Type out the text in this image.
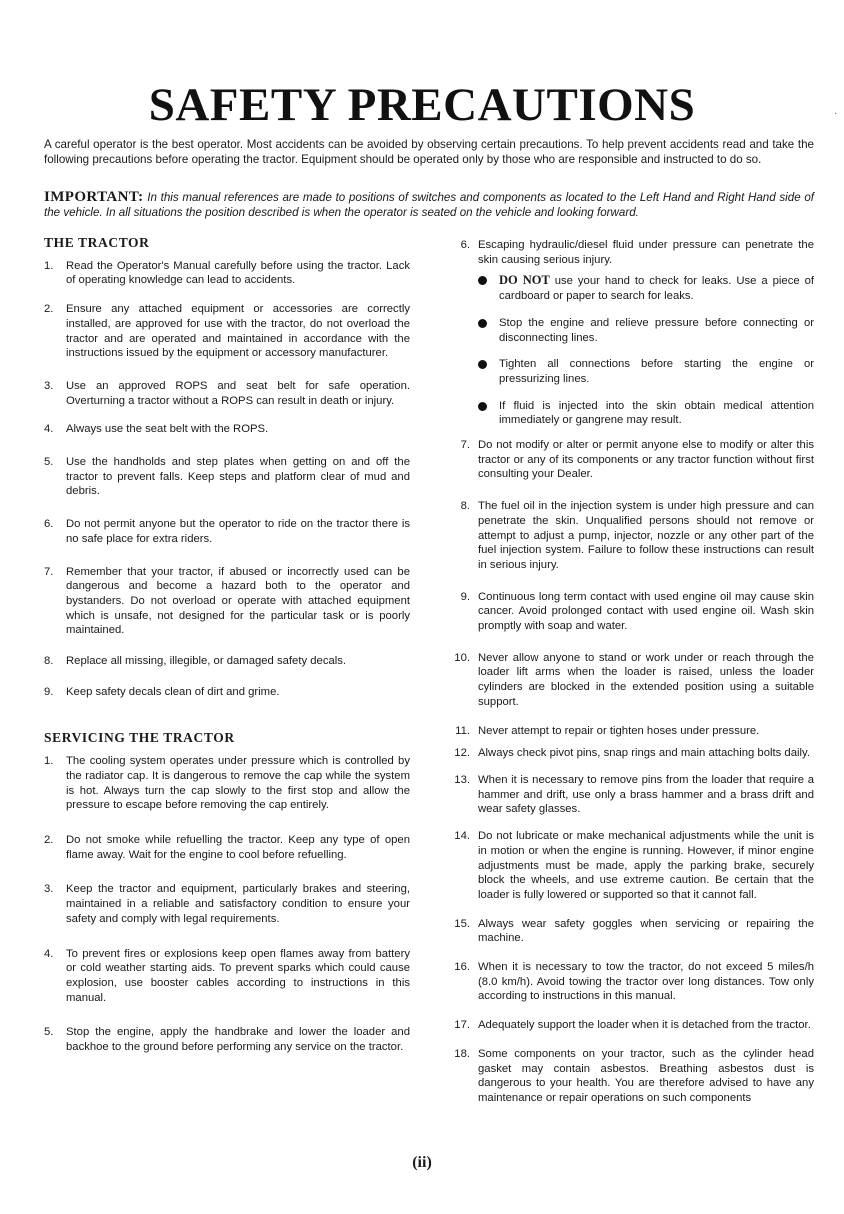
SAFETY PRECAUTIONS	·
A careful operator is the best operator. Most accidents can be avoided by observing certain precautions. To help prevent accidents read and take the following precautions before operating the tractor. Equipment should be operated only by those who are responsible and instructed to do so.
IMPORTANT: In this manual references are made to positions of switches and components as located to the Left Hand and Right Hand side of the vehicle. In all situations the position described is when the operator is seated on the vehicle and looking forward.
THE TRACTOR
1.	Read the Operator's Manual carefully before using the tractor. Lack of operating knowledge can lead to accidents.
2.	Ensure any attached equipment or accessories are correctly installed, are approved for use with the tractor, do not overload the tractor and are operated and maintained in accordance with the instructions issued by the equipment or accessory manufacturer.
3.	Use an approved ROPS and seat belt for safe operation. Overturning a tractor without a ROPS can result in death or injury.
4.	Always use the seat belt with the ROPS.
5.	Use the handholds and step plates when getting on and off the tractor to prevent falls. Keep steps and platform clear of mud and debris.
6.	Do not permit anyone but the operator to ride on the tractor there is no safe place for extra riders.
7.	Remember that your tractor, if abused or incorrectly used can be dangerous and become a hazard both to the operator and bystanders. Do not overload or operate with attached equipment which is unsafe, not designed for the particular task or is poorly maintained.
8.	Replace all missing, illegible, or damaged safety decals.
9.	Keep safety decals clean of dirt and grime.
SERVICING THE TRACTOR
1.	The cooling system operates under pressure which is controlled by the radiator cap. It is dangerous to remove the cap while the system is hot. Always turn the cap slowly to the first stop and allow the pressure to escape before removing the cap entirely.
2.	Do not smoke while refuelling the tractor. Keep any type of open flame away. Wait for the engine to cool before refuelling.
3.	Keep the tractor and equipment, particularly brakes and steering, maintained in a reliable and satisfactory condition to ensure your safety and comply with legal requirements.
4.	To prevent fires or explosions keep open flames away from battery or cold weather starting aids. To prevent sparks which could cause explosion, use booster cables according to instructions in this manual.
5.	Stop the engine, apply the handbrake and lower the loader and backhoe to the ground before performing any service on the tractor.
6. Escaping hydraulic/diesel fluid under pressure can penetrate the skin causing serious injury.
DO NOT use your hand to check for leaks. Use a piece of cardboard or paper to search for leaks.
Stop the engine and relieve pressure before connecting or disconnecting lines.
Tighten all connections before starting the engine or pressurizing lines.
If fluid is injected into the skin obtain medical attention immediately or gangrene may result.
7. Do not modify or alter or permit anyone else to modify or alter this tractor or any of its components or any tractor function without first consulting your Dealer.
8. The fuel oil in the injection system is under high pressure and can penetrate the skin. Unqualified persons should not remove or attempt to adjust a pump, injector, nozzle or any other part of the fuel injection system. Failure to follow these instructions can result in serious injury.
9. Continuous long term contact with used engine oil may cause skin cancer. Avoid prolonged contact with used engine oil. Wash skin promptly with soap and water.
10. Never allow anyone to stand or work under or reach through the loader lift arms when the loader is raised, unless the loader cylinders are blocked in the extended position using a suitable support.
11. Never attempt to repair or tighten hoses under pressure.
12. Always check pivot pins, snap rings and main attaching bolts daily.
13. When it is necessary to remove pins from the loader that require a hammer and drift, use only a brass hammer and a brass drift and wear safety glasses.
14. Do not lubricate or make mechanical adjustments while the unit is in motion or when the engine is running. However, if minor engine adjustments must be made, apply the parking brake, securely block the wheels, and use extreme caution. Be certain that the loader is fully lowered or supported so that it cannot fall.
15. Always wear safety goggles when servicing or repairing the machine.
16. When it is necessary to tow the tractor, do not exceed 5 miles/h (8.0 km/h). Avoid towing the tractor over long distances. Tow only according to instructions in this manual.
17. Adequately support the loader when it is detached from the tractor.
18. Some components on your tractor, such as the cylinder head gasket may contain asbestos. Breathing asbestos dust is dangerous to your health. You are therefore advised to have any maintenance or repair operations on such components
(ii)
